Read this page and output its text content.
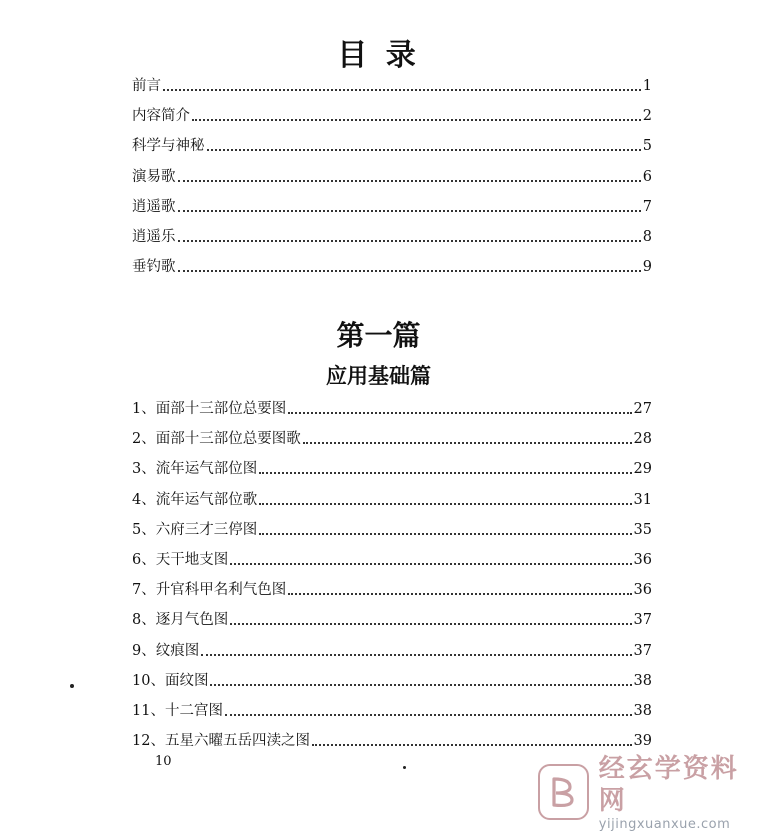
目 录
前言	1
内容简介	2
科学与神秘	5
演易歌	6
逍遥歌	7
逍遥乐	8
垂钓歌	9
第一篇
应用基础篇
1、面部十三部位总要图	27
2、面部十三部位总要图歌	28
3、流年运气部位图	29
4、流年运气部位歌	31
5、六府三才三停图	35
6、天干地支图	36
7、升官科甲名利气色图	36
8、逐月气色图	37
9、纹痕图	37
10、面纹图	38
11、十二宫图	38
12、五星六曜五岳四渎之图	39
10	经玄学资料网
yijingxuanxue.com
